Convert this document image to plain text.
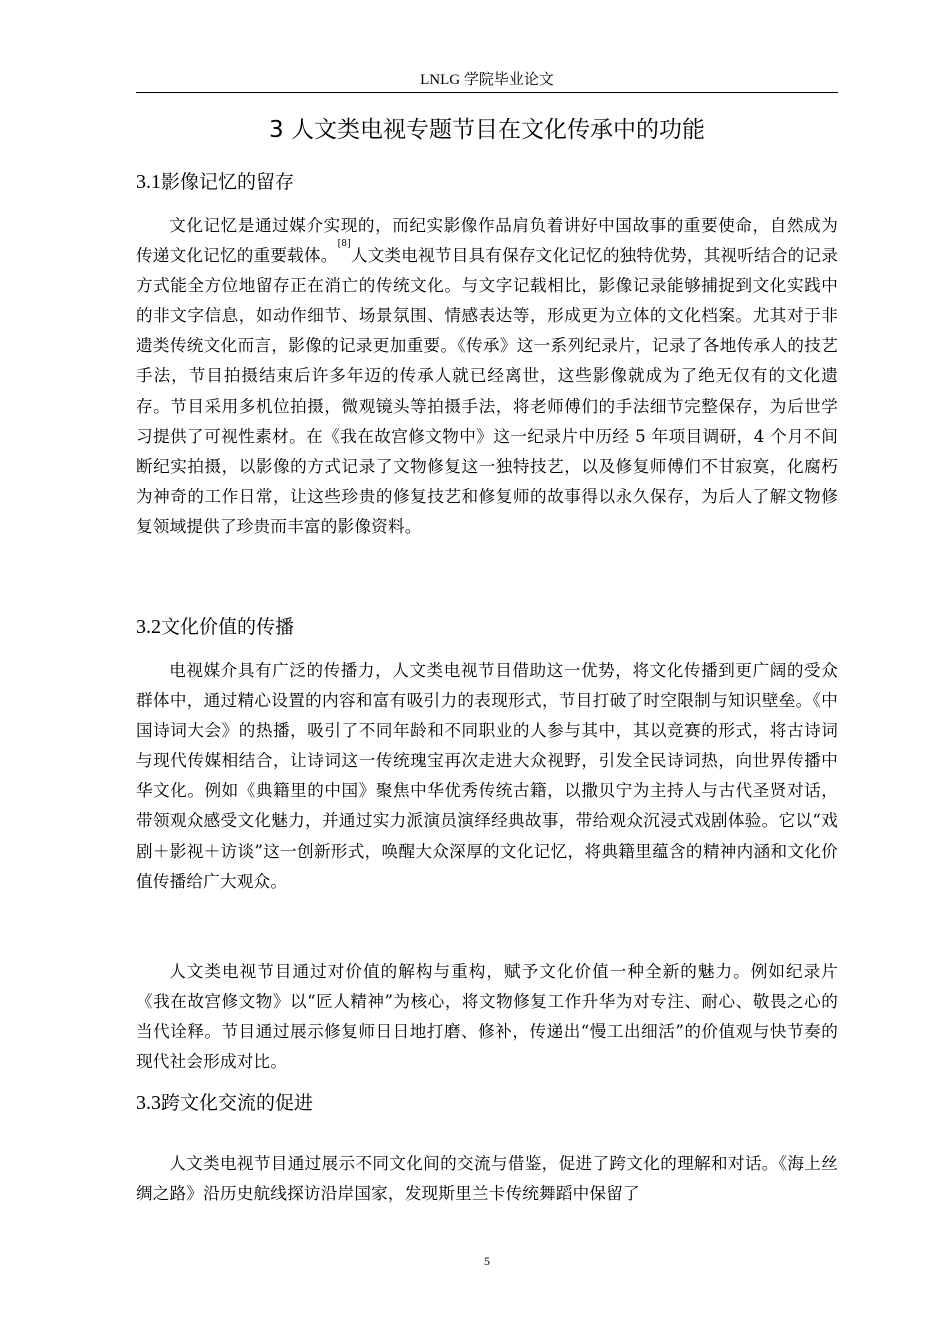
LNLG 学院毕业论文
3 人文类电视专题节目在文化传承中的功能
3.1影像记忆的留存

文化记忆是通过媒介实现的，而纪实影像作品肩负着讲好中国故事的重要使命，自然成为传递文化记忆的重要载体。[8]人文类电视节目具有保存文化记忆的独特优势，其视听结合的记录方式能全方位地留存正在消亡的传统文化。与文字记载相比，影像记录能够捕捉到文化实践中的非文字信息，如动作细节、场景氛围、情感表达等，形成更为立体的文化档案。尤其对于非遗类传统文化而言，影像的记录更加重要。《传承》这一系列纪录片，记录了各地传承人的技艺手法，节目拍摄结束后许多年迈的传承人就已经离世，这些影像就成为了绝无仅有的文化遗存。节目采用多机位拍摄，微观镜头等拍摄手法，将老师傅们的手法细节完整保存，为后世学习提供了可视性素材。在《我在故宫修文物中》这一纪录片中历经 5 年项目调研，4 个月不间断纪实拍摄，以影像的方式记录了文物修复这一独特技艺，以及修复师傅们不甘寂寞，化腐朽为神奇的工作日常，让这些珍贵的修复技艺和修复师的故事得以永久保存，为后人了解文物修复领域提供了珍贵而丰富的影像资料。

3.2文化价值的传播

电视媒介具有广泛的传播力，人文类电视节目借助这一优势，将文化传播到更广阔的受众群体中，通过精心设置的内容和富有吸引力的表现形式，节目打破了时空限制与知识壁垒。《中国诗词大会》的热播，吸引了不同年龄和不同职业的人参与其中，其以竞赛的形式，将古诗词与现代传媒相结合，让诗词这一传统瑰宝再次走进大众视野，引发全民诗词热，向世界传播中华文化。例如《典籍里的中国》聚焦中华优秀传统古籍，以撒贝宁为主持人与古代圣贤对话，带领观众感受文化魅力，并通过实力派演员演绎经典故事，带给观众沉浸式戏剧体验。它以“戏剧＋影视＋访谈”这一创新形式，唤醒大众深厚的文化记忆，将典籍里蕴含的精神内涵和文化价值传播给广大观众。

人文类电视节目通过对价值的解构与重构，赋予文化价值一种全新的魅力。例如纪录片《我在故宫修文物》以“匠人精神”为核心，将文物修复工作升华为对专注、耐心、敬畏之心的当代诠释。节目通过展示修复师日日地打磨、修补，传递出“慢工出细活”的价值观与快节奏的现代社会形成对比。

3.3跨文化交流的促进

人文类电视节目通过展示不同文化间的交流与借鉴，促进了跨文化的理解和对话。《海上丝绸之路》沿历史航线探访沿岸国家，发现斯里兰卡传统舞蹈中保留了

5
